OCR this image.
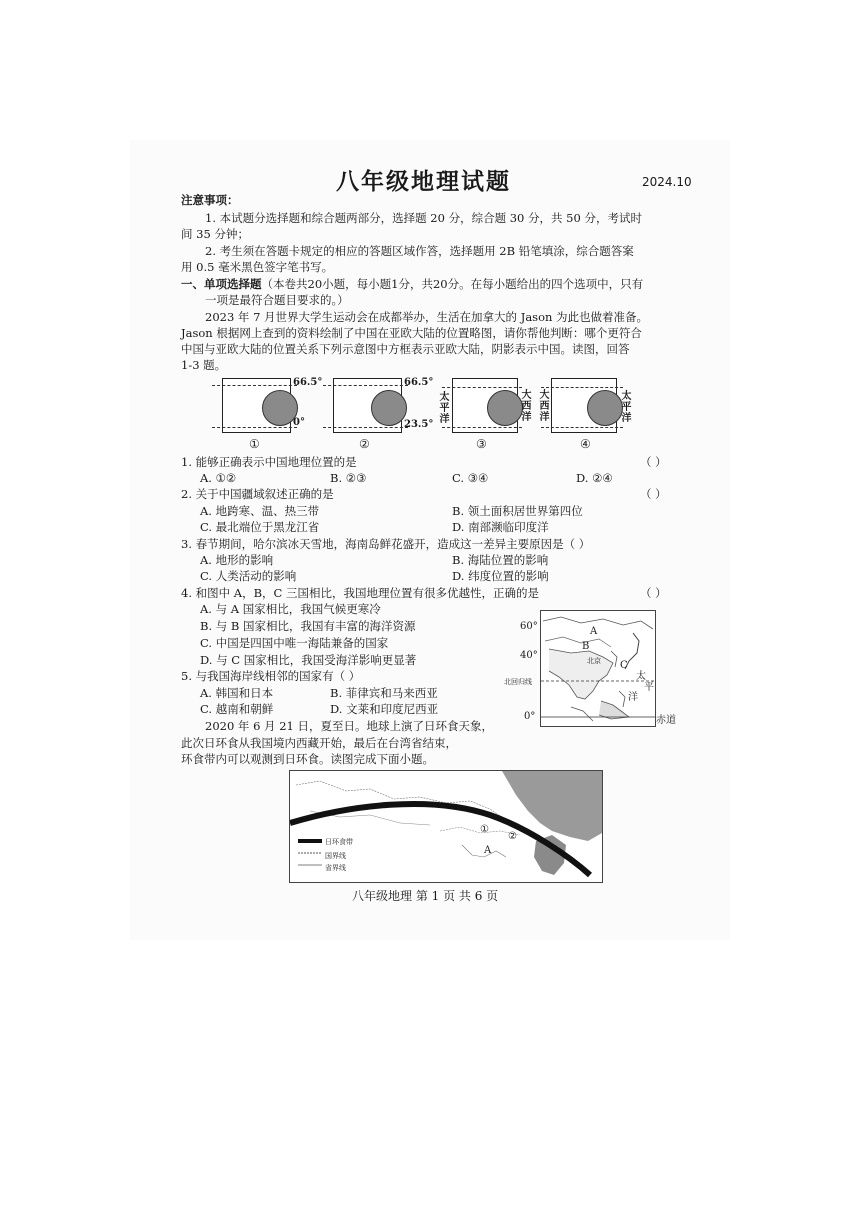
八年级地理试题	2024.10
注意事项：
1. 本试题分选择题和综合题两部分，选择题 20 分，综合题 30 分，共 50 分，考试时
间 35 分钟；
2. 考生须在答题卡规定的相应的答题区域作答，选择题用 2B 铅笔填涂，综合题答案
用 0.5 毫米黑色签字笔书写。
一、单项选择题（本卷共20小题，每小题1分，共20分。在每小题给出的四个选项中，只有
一项是最符合题目要求的。）
2023 年 7 月世界大学生运动会在成都举办，生活在加拿大的 Jason 为此也做着准备。
Jason 根据网上查到的资料绘制了中国在亚欧大陆的位置略图，请你帮他判断：哪个更符合
中国与亚欧大陆的位置关系下列示意图中方框表示亚欧大陆，阴影表示中国。读图，回答
1-3 题。
66.5°
0°
①
66.5°
23.5°
②
太平洋
大西洋
③
大西洋
太平洋
④
1. 能够正确表示中国地理位置的是	（ ）
A. ①②	B. ②③	C. ③④	D. ②④
2. 关于中国疆域叙述正确的是	（ ）
A. 地跨寒、温、热三带	B. 领土面积居世界第四位
C. 最北端位于黑龙江省	D. 南部濒临印度洋
3. 春节期间，哈尔滨冰天雪地，海南岛鲜花盛开，造成这一差异主要原因是（ ）
A. 地形的影响	B. 海陆位置的影响
C. 人类活动的影响	D. 纬度位置的影响
4. 和图中 A，B，C 三国相比，我国地理位置有很多优越性，正确的是	（ ）
A. 与 A 国家相比，我国气候更寒冷
B. 与 B 国家相比，我国有丰富的海洋资源
C. 中国是四国中唯一海陆兼备的国家
D. 与 C 国家相比，我国受海洋影响更显著
5. 与我国海岸线相邻的国家有（ ）
A. 韩国和日本	B. 菲律宾和马来西亚
C. 越南和朝鲜	D. 文莱和印度尼西亚
60°
40°
北回归线
0°	赤道
A
B
C
北京
太
平
洋
2020 年 6 月 21 日，夏至日。地球上演了日环食天象，
此次日环食从我国境内西藏开始，最后在台湾省结束，
环食带内可以观测到日环食。读图完成下面小题。
日环食带
国界线
省界线
A
①
②
八年级地理 第 1 页 共 6 页
